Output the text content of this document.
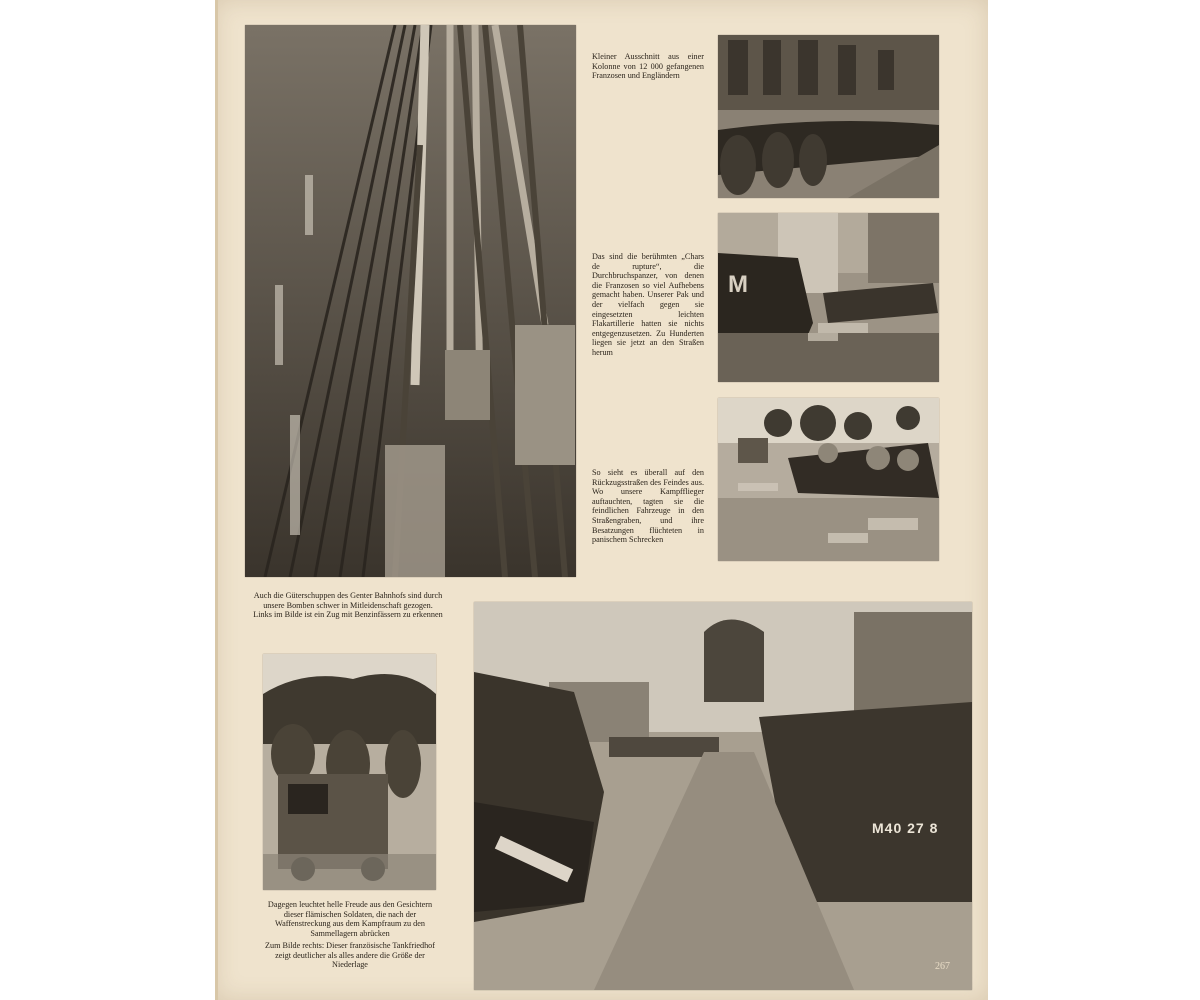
M
M40 27 8

Kleiner Ausschnitt aus einer Kolonne von 12 000 gefangenen Franzosen und Engländern

Das sind die berühmten „Chars de rupture“, die Durchbruchspanzer, von denen die Franzosen so viel Aufhebens gemacht haben. Unserer Pak und der vielfach gegen sie eingesetzten leichten Flakartillerie hatten sie nichts entgegenzusetzen. Zu Hunderten liegen sie jetzt an den Straßen herum

So sieht es überall auf den Rückzugsstraßen des Feindes aus. Wo unsere Kampfflieger auftauchten, tagten sie die feindlichen Fahrzeuge in den Straßengraben, und ihre Besatzungen flüchteten in panischem Schrecken

Auch die Güterschuppen des Genter Bahnhofs sind durch unsere Bomben schwer in Mitleidenschaft gezogen. Links im Bilde ist ein Zug mit Benzinfässern zu erkennen

Dagegen leuchtet helle Freude aus den Gesichtern dieser flämischen Soldaten, die nach der Waffenstreckung aus dem Kampfraum zu den Sammellagern abrücken

Zum Bilde rechts: Dieser französische Tankfriedhof zeigt deutlicher als alles andere die Größe der Niederlage	267
